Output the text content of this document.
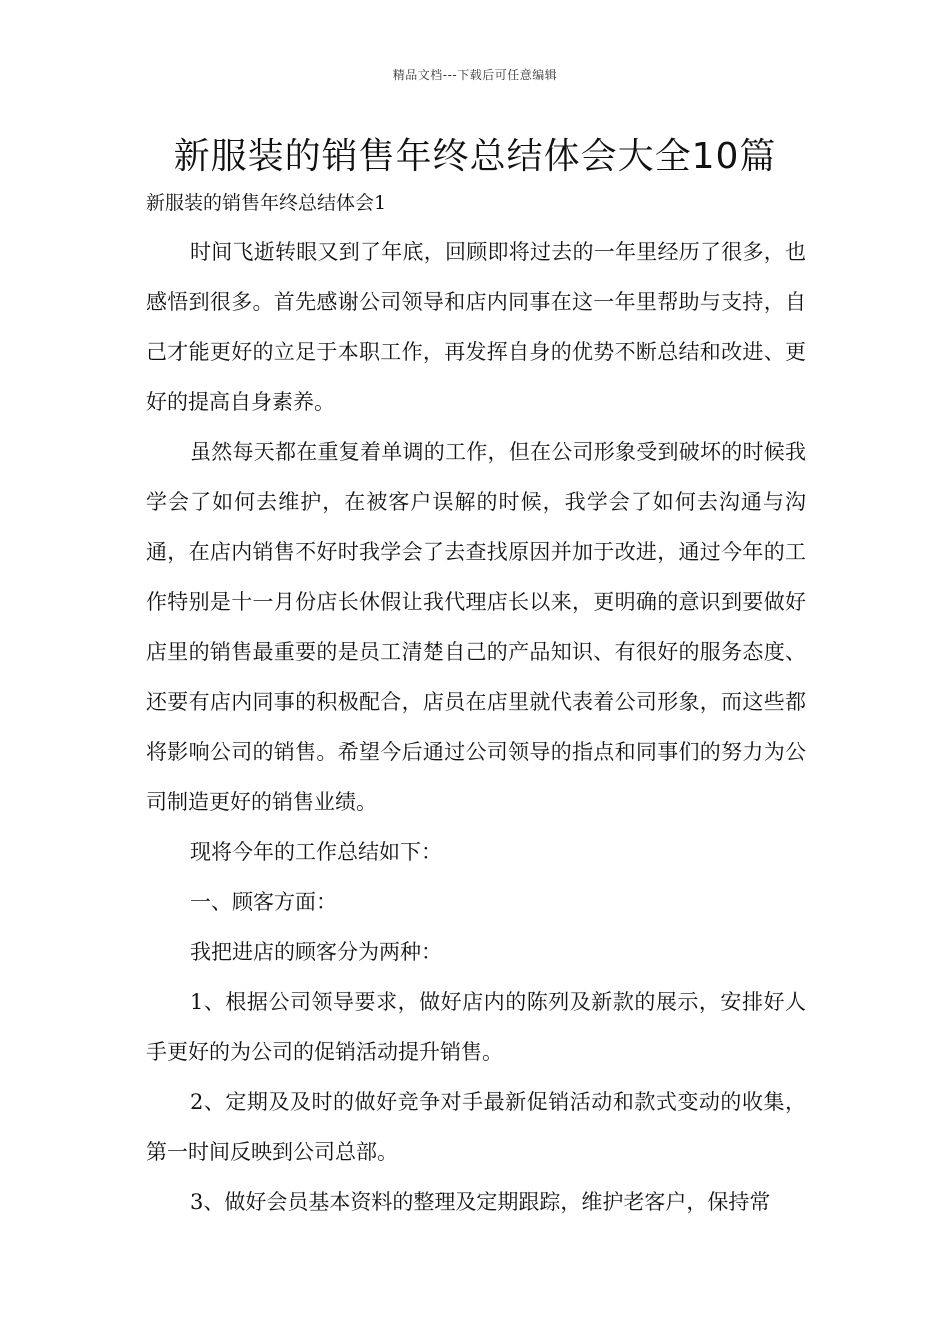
精品文档---下载后可任意编辑
新服装的销售年终总结体会大全10篇

新服装的销售年终总结体会1

时间飞逝转眼又到了年底，回顾即将过去的一年里经历了很多，也感悟到很多。首先感谢公司领导和店内同事在这一年里帮助与支持，自己才能更好的立足于本职工作，再发挥自身的优势不断总结和改进、更好的提高自身素养。

虽然每天都在重复着单调的工作，但在公司形象受到破坏的时候我学会了如何去维护，在被客户误解的时候，我学会了如何去沟通与沟通，在店内销售不好时我学会了去查找原因并加于改进，通过今年的工作特别是十一月份店长休假让我代理店长以来，更明确的意识到要做好店里的销售最重要的是员工清楚自己的产品知识、有很好的服务态度、还要有店内同事的积极配合，店员在店里就代表着公司形象，而这些都将影响公司的销售。希望今后通过公司领导的指点和同事们的努力为公司制造更好的销售业绩。

现将今年的工作总结如下：

一、顾客方面：

我把进店的顾客分为两种：

1、根据公司领导要求，做好店内的陈列及新款的展示，安排好人手更好的为公司的促销活动提升销售。

2、定期及及时的做好竞争对手最新促销活动和款式变动的收集，第一时间反映到公司总部。

3、做好会员基本资料的整理及定期跟踪，维护老客户，保持常
